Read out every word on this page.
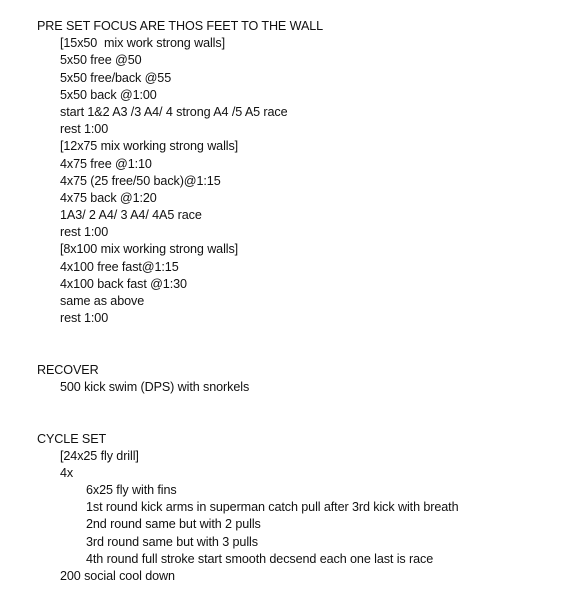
PRE SET FOCUS ARE THOS FEET TO THE WALL
[15x50  mix work strong walls]
5x50 free @50
5x50 free/back @55
5x50 back @1:00
start 1&2 A3 /3 A4/ 4 strong A4 /5 A5 race
rest 1:00
[12x75 mix working strong walls]
4x75 free @1:10
4x75 (25 free/50 back)@1:15
4x75 back @1:20
1A3/ 2 A4/ 3 A4/ 4A5 race
rest 1:00
[8x100 mix working strong walls]
4x100 free fast@1:15
4x100 back fast @1:30
same as above
rest 1:00
RECOVER
500 kick swim (DPS) with snorkels
CYCLE SET
[24x25 fly drill]
4x
6x25 fly with fins
1st round kick arms in superman catch pull after 3rd kick with breath
2nd round same but with 2 pulls
3rd round same but with 3 pulls
4th round full stroke start smooth decsend each one last is race
200 social cool down
